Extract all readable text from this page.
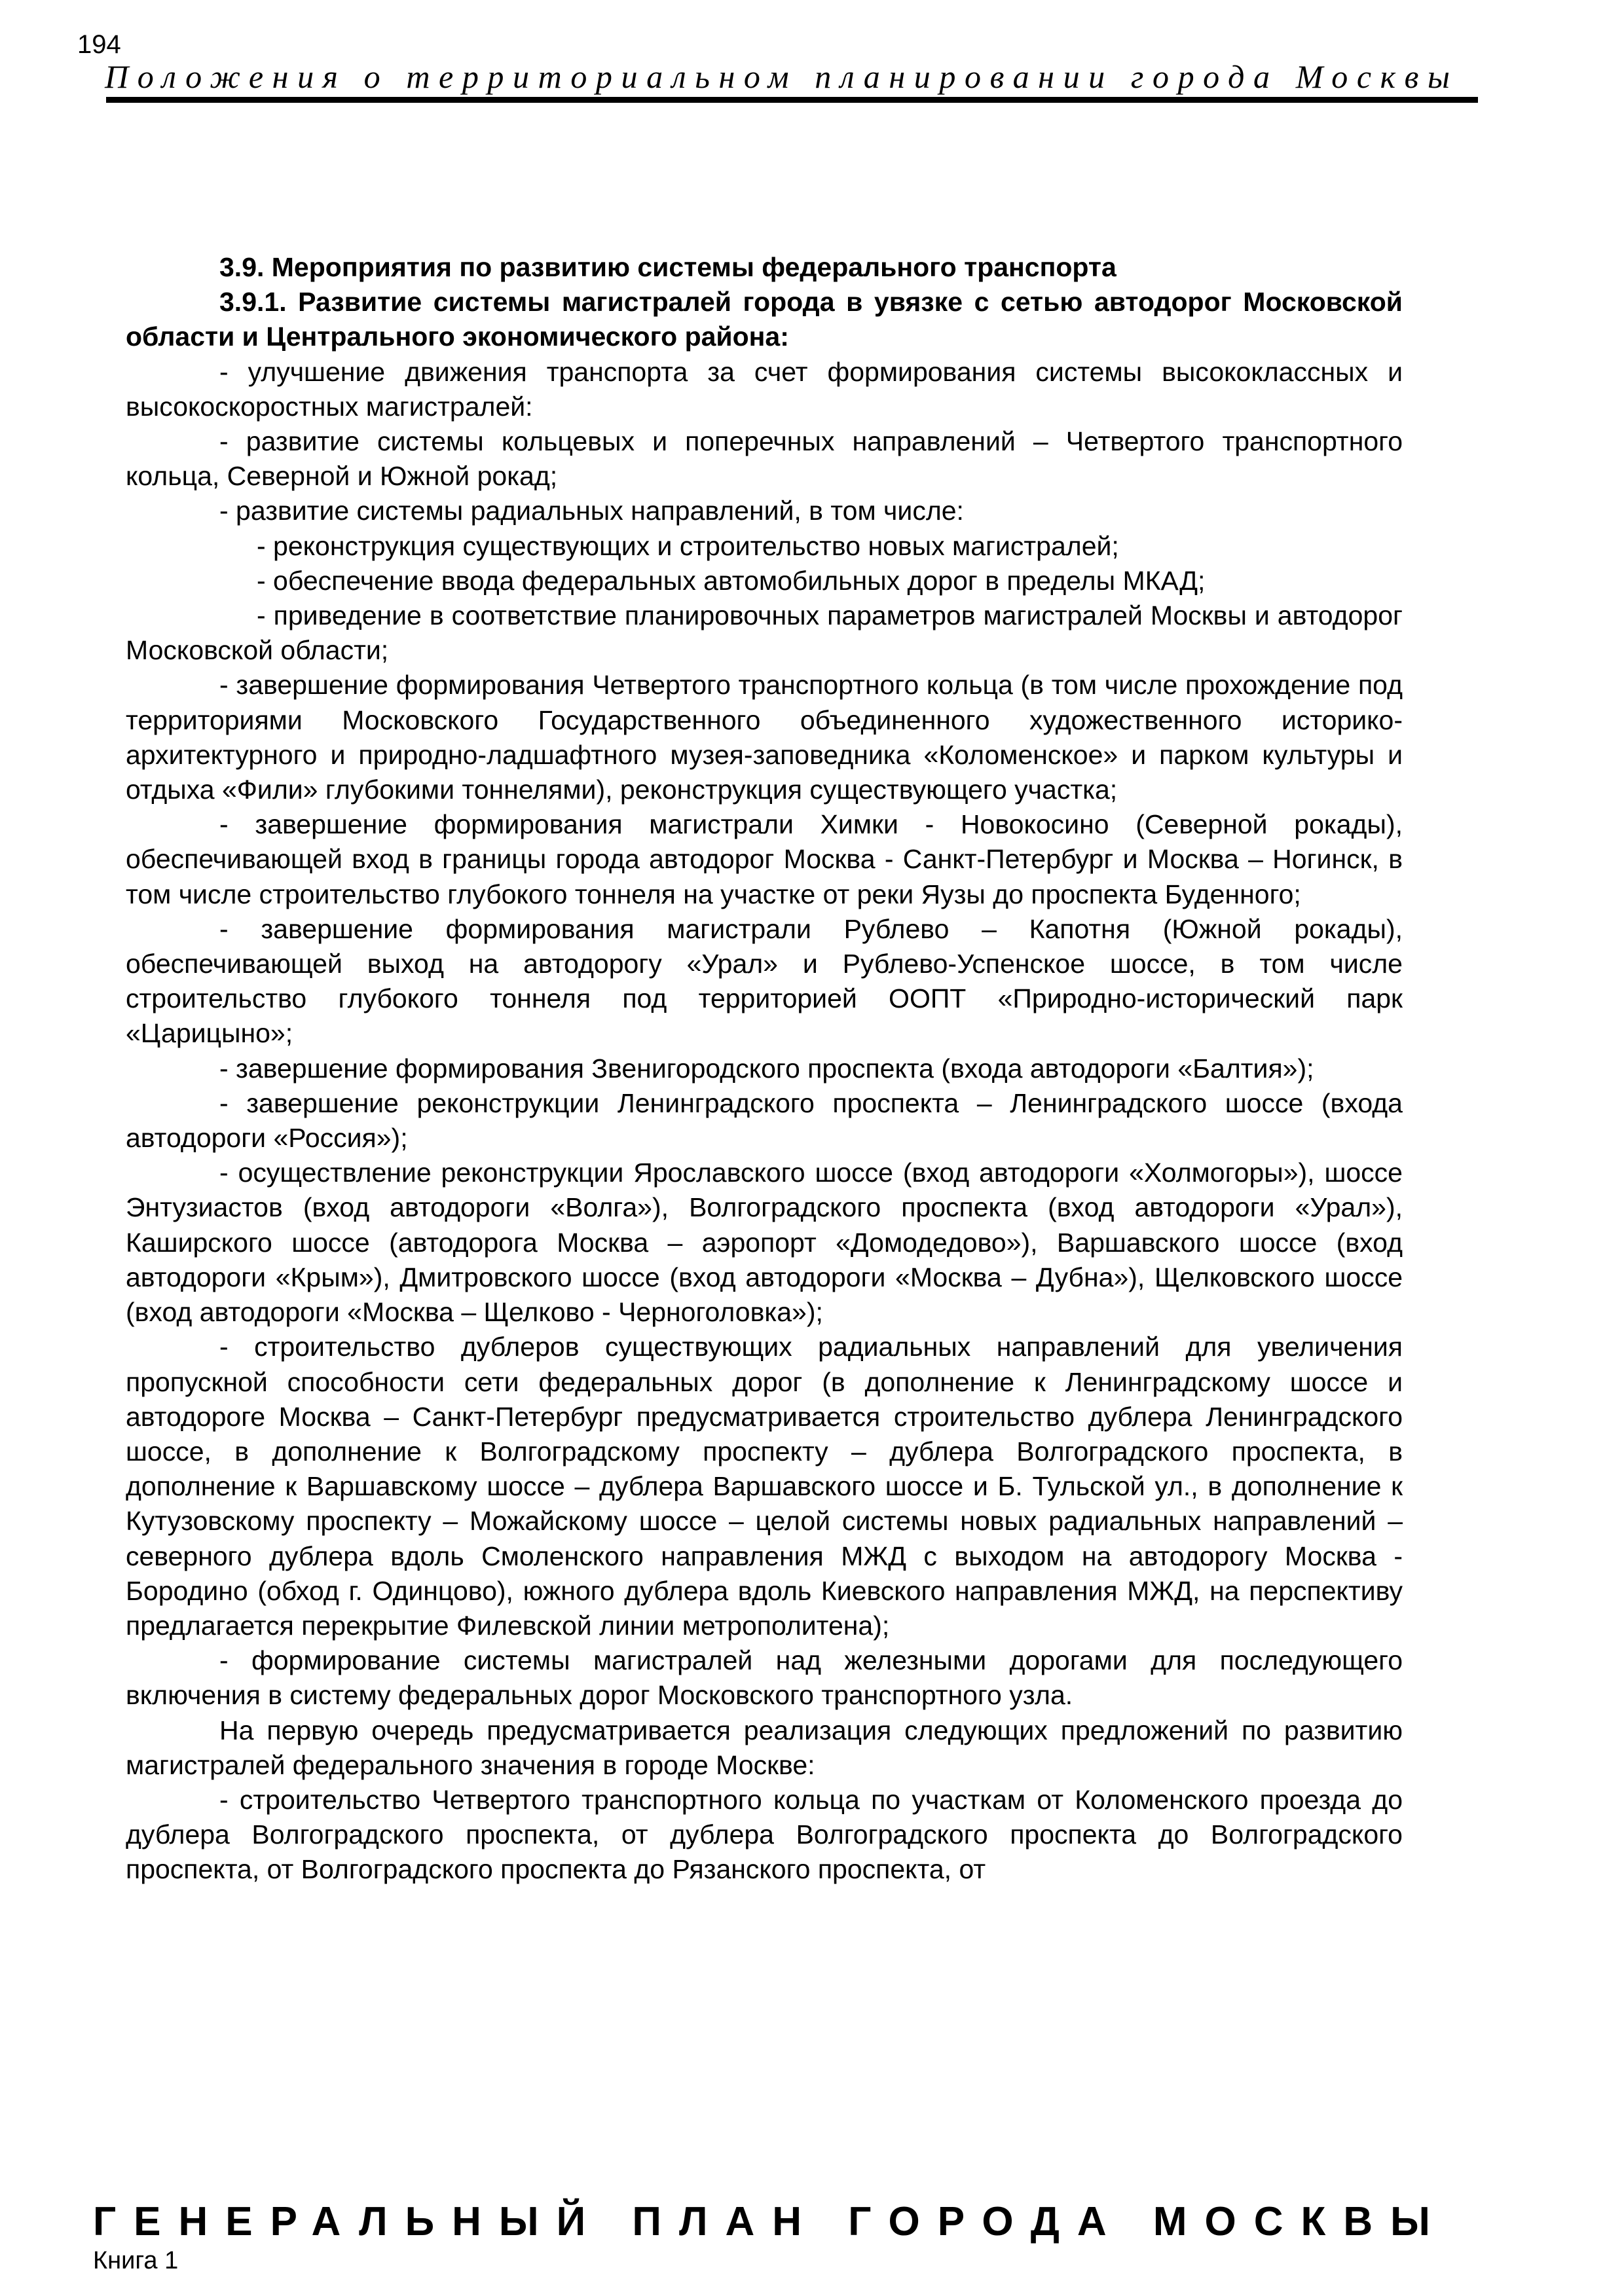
194
Положения о территориальном планировании города Москвы
3.9. Мероприятия по развитию системы федерального транспорта
3.9.1. Развитие системы магистралей города в увязке с сетью автодорог Московской области и Центрального экономического района:
- улучшение движения транспорта за счет формирования системы высококлассных и высокоскоростных магистралей:
- развитие системы кольцевых и поперечных направлений – Четвертого транспортного кольца, Северной и Южной рокад;
- развитие системы радиальных направлений, в том числе:
- реконструкция существующих и строительство новых магистралей;
- обеспечение ввода федеральных автомобильных дорог в пределы МКАД;
- приведение в соответствие планировочных параметров магистралей Москвы и автодорог Московской области;
- завершение формирования Четвертого транспортного кольца (в том числе прохождение под территориями Московского Государственного объединенного художественного историко-архитектурного и природно-ладшафтного музея-заповедника «Коломенское» и парком культуры и отдыха «Фили» глубокими тоннелями), реконструкция существующего участка;
- завершение формирования магистрали Химки - Новокосино (Северной рокады), обеспечивающей вход в границы города автодорог Москва - Санкт-Петербург и Москва – Ногинск, в том числе строительство глубокого тоннеля на участке от реки Яузы до проспекта Буденного;
- завершение формирования магистрали Рублево – Капотня (Южной рокады), обеспечивающей выход на автодорогу «Урал» и Рублево-Успенское шоссе, в том числе строительство глубокого тоннеля под территорией ООПТ «Природно-исторический парк «Царицыно»;
- завершение формирования Звенигородского проспекта (входа автодороги «Балтия»);
- завершение реконструкции Ленинградского проспекта – Ленинградского шоссе (входа автодороги «Россия»);
- осуществление реконструкции Ярославского шоссе (вход автодороги «Холмогоры»), шоссе Энтузиастов (вход автодороги «Волга»), Волгоградского проспекта (вход автодороги «Урал»), Каширского шоссе (автодорога Москва – аэропорт «Домодедово»), Варшавского шоссе (вход автодороги «Крым»), Дмитровского шоссе (вход автодороги «Москва – Дубна»), Щелковского шоссе (вход автодороги «Москва – Щелково - Черноголовка»);
- строительство дублеров существующих радиальных направлений для увеличения пропускной способности сети федеральных дорог (в дополнение к Ленинградскому шоссе и автодороге Москва – Санкт-Петербург предусматривается строительство дублера Ленинградского шоссе, в дополнение к Волгоградскому проспекту – дублера Волгоградского проспекта, в дополнение к Варшавскому шоссе – дублера Варшавского шоссе и Б. Тульской ул., в дополнение к Кутузовскому проспекту – Можайскому шоссе – целой системы новых радиальных направлений – северного дублера вдоль Смоленского направления МЖД с выходом на автодорогу Москва - Бородино (обход г. Одинцово), южного дублера вдоль Киевского направления МЖД, на перспективу предлагается перекрытие Филевской линии метрополитена);
- формирование системы магистралей над железными дорогами для последующего включения в систему федеральных дорог Московского транспортного узла.
На первую очередь предусматривается реализация следующих предложений по развитию магистралей федерального значения в городе Москве:
- строительство Четвертого транспортного кольца по участкам от Коломенского проезда до дублера Волгоградского проспекта, от дублера Волгоградского проспекта до Волгоградского проспекта, от Волгоградского проспекта до Рязанского проспекта, от
ГЕНЕРАЛЬНЫЙ ПЛАН ГОРОДА МОСКВЫ
Книга 1
